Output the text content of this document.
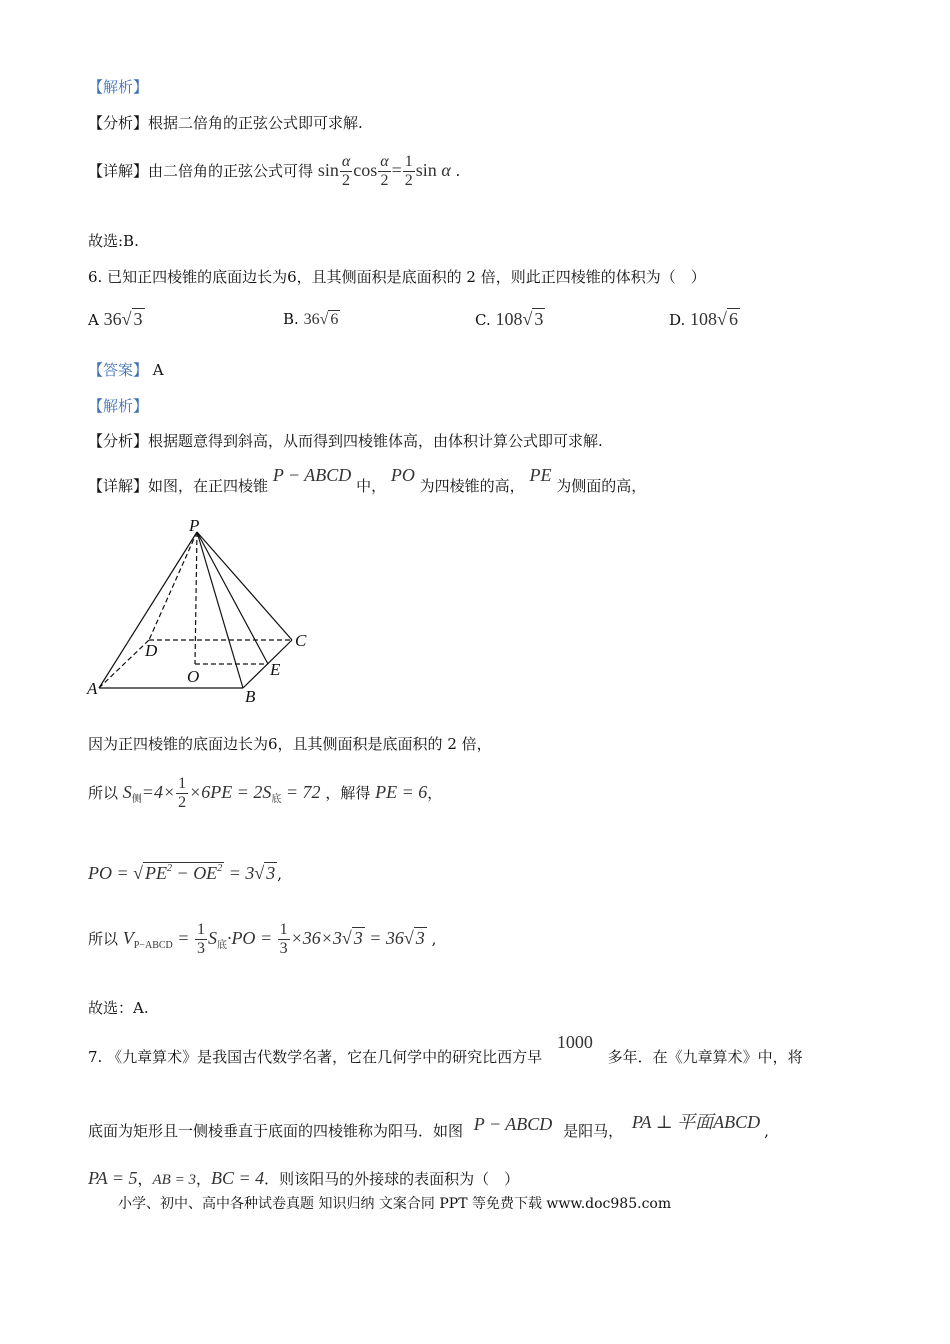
【解析】
【分析】根据二倍角的正弦公式即可求解.
【详解】由二倍角的正弦公式可得 $\sin \frac{\alpha}{2}$ $\cos \frac{\alpha}{2} = \frac{1}{2}$ sin α .
故选:B.
6. 已知正四棱锥的底面边长为6，且其侧面积是底面积的 2 倍，则此正四棱锥的体积为（　）
A 36√ 3	B. 36√ 6	C. 108√ 3	D. 108√ 6
【答案】 A
【解析】
【分析】根据题意得到斜高，从而得到四棱锥体高，由体积计算公式即可求解.
【详解】如图，在正四棱锥 P − ABCD 中， PO 为四棱锥的高， PE 为侧面的高，
P
A	B
C
D
E
O
因为正四棱锥的底面边长为6，且其侧面积是底面积的 2 倍，
所以 $S_侧=4\times \frac{1}{2} \times 6PE = 2S_底 = 72$ ，解得 PE = 6，
PO = √ $PE^2 - OE^2 = 3√$ 3 ,
所以 $V_{P-ABCD} = \frac{1}{3} S_底\cdot PO = \frac{1}{3} \times 36\times 3√$ 3 = 36√ 3 ,
故选：A.
7. 《九章算术》是我国古代数学名著，它在几何学中的研究比西方早 1000 多年．在《九章算术》中，将
底面为矩形且一侧棱垂直于底面的四棱锥称为阳马．如图 P − ABCD 是阳马， PA ⊥ 平面ABCD ,
PA = 5，AB = 3，BC = 4．则该阳马的外接球的表面积为（　）
小学、初中、高中各种试卷真题 知识归纳 文案合同 PPT 等免费下载 www.doc985.com
